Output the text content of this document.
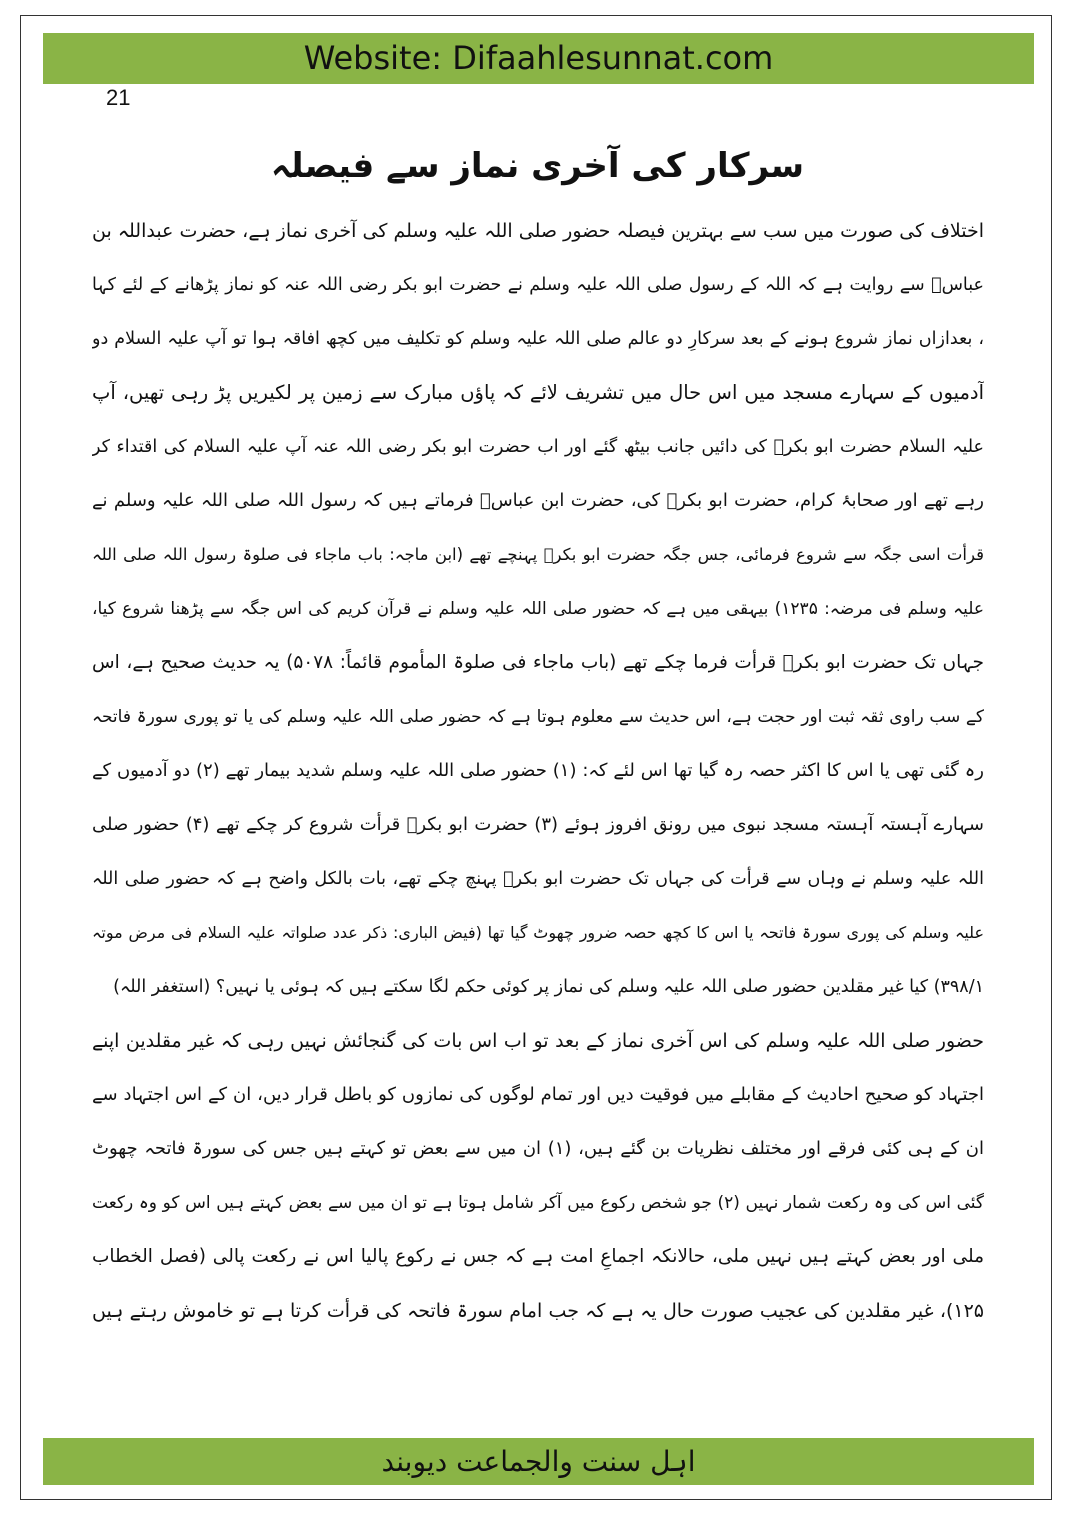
Website: Difaahlesunnat.com
21
سرکار کی آخری نماز سے فیصلہ
اختلاف کی صورت میں سب سے بہترین فیصلہ حضور صلی اللہ علیہ وسلم کی آخری نماز ہے، حضرت عبداللہ بن
عباسؓ سے روایت ہے کہ اللہ کے رسول صلی اللہ علیہ وسلم نے حضرت ابو بکر رضی اللہ عنہ کو نماز پڑھانے کے لئے کہا
، بعدازاں نماز شروع ہونے کے بعد سرکارِ دو عالم صلی اللہ علیہ وسلم کو تکلیف میں کچھ افاقہ ہوا تو آپ علیہ السلام دو
آدمیوں کے سہارے مسجد میں اس حال میں تشریف لائے کہ پاؤں مبارک سے زمین پر لکیریں پڑ رہی تھیں، آپ
علیہ السلام حضرت ابو بکرؓ کی دائیں جانب بیٹھ گئے اور اب حضرت ابو بکر رضی اللہ عنہ آپ علیہ السلام کی اقتداء کر
رہے تھے اور صحابۂ کرام، حضرت ابو بکرؓ کی، حضرت ابن عباسؓ فرماتے ہیں کہ رسول اللہ صلی اللہ علیہ وسلم نے
قرأت اسی جگہ سے شروع فرمائی، جس جگہ حضرت ابو بکرؓ پہنچے تھے (ابن ماجہ: باب ماجاء فی صلوۃ رسول اللہ صلی اللہ
علیہ وسلم فی مرضہ: ۱۲۳۵) بیہقی میں ہے کہ حضور صلی اللہ علیہ وسلم نے قرآن کریم کی اس جگہ سے پڑھنا شروع کیا،
جہاں تک حضرت ابو بکرؓ قرأت فرما چکے تھے (باب ماجاء فی صلوۃ المأموم قائماً: ۵۰۷۸) یہ حدیث صحیح ہے، اس
کے سب راوی ثقہ ثبت اور حجت ہے، اس حدیث سے معلوم ہوتا ہے کہ حضور صلی اللہ علیہ وسلم کی یا تو پوری سورۃ فاتحہ
رہ گئی تھی یا اس کا اکثر حصہ رہ گیا تھا اس لئے کہ: (۱) حضور صلی اللہ علیہ وسلم شدید بیمار تھے (۲) دو آدمیوں کے
سہارے آہستہ آہستہ مسجد نبوی میں رونق افروز ہوئے (۳) حضرت ابو بکرؓ قرأت شروع کر چکے تھے (۴) حضور صلی
اللہ علیہ وسلم نے وہاں سے قرأت کی جہاں تک حضرت ابو بکرؓ پہنچ چکے تھے، بات بالکل واضح ہے کہ حضور صلی اللہ
علیہ وسلم کی پوری سورۃ فاتحہ یا اس کا کچھ حصہ ضرور چھوٹ گیا تھا (فیض الباری: ذکر عدد صلواتہ علیہ السلام فی مرض موتہ
۳۹۸/۱) کیا غیر مقلدین حضور صلی اللہ علیہ وسلم کی نماز پر کوئی حکم لگا سکتے ہیں کہ ہوئی یا نہیں؟ (استغفر اللہ)
حضور صلی اللہ علیہ وسلم کی اس آخری نماز کے بعد تو اب اس بات کی گنجائش نہیں رہی کہ غیر مقلدین اپنے
اجتہاد کو صحیح احادیث کے مقابلے میں فوقیت دیں اور تمام لوگوں کی نمازوں کو باطل قرار دیں، ان کے اس اجتہاد سے
ان کے ہی کئی فرقے اور مختلف نظریات بن گئے ہیں، (۱) ان میں سے بعض تو کہتے ہیں جس کی سورۃ فاتحہ چھوٹ
گئی اس کی وہ رکعت شمار نہیں (۲) جو شخص رکوع میں آکر شامل ہوتا ہے تو ان میں سے بعض کہتے ہیں اس کو وہ رکعت
ملی اور بعض کہتے ہیں نہیں ملی، حالانکہ اجماعِ امت ہے کہ جس نے رکوع پالیا اس نے رکعت پالی (فصل الخطاب
۱۲۵)، غیر مقلدین کی عجیب صورت حال یہ ہے کہ جب امام سورۃ فاتحہ کی قرأت کرتا ہے تو خاموش رہتے ہیں
اہل سنت والجماعت دیوبند
